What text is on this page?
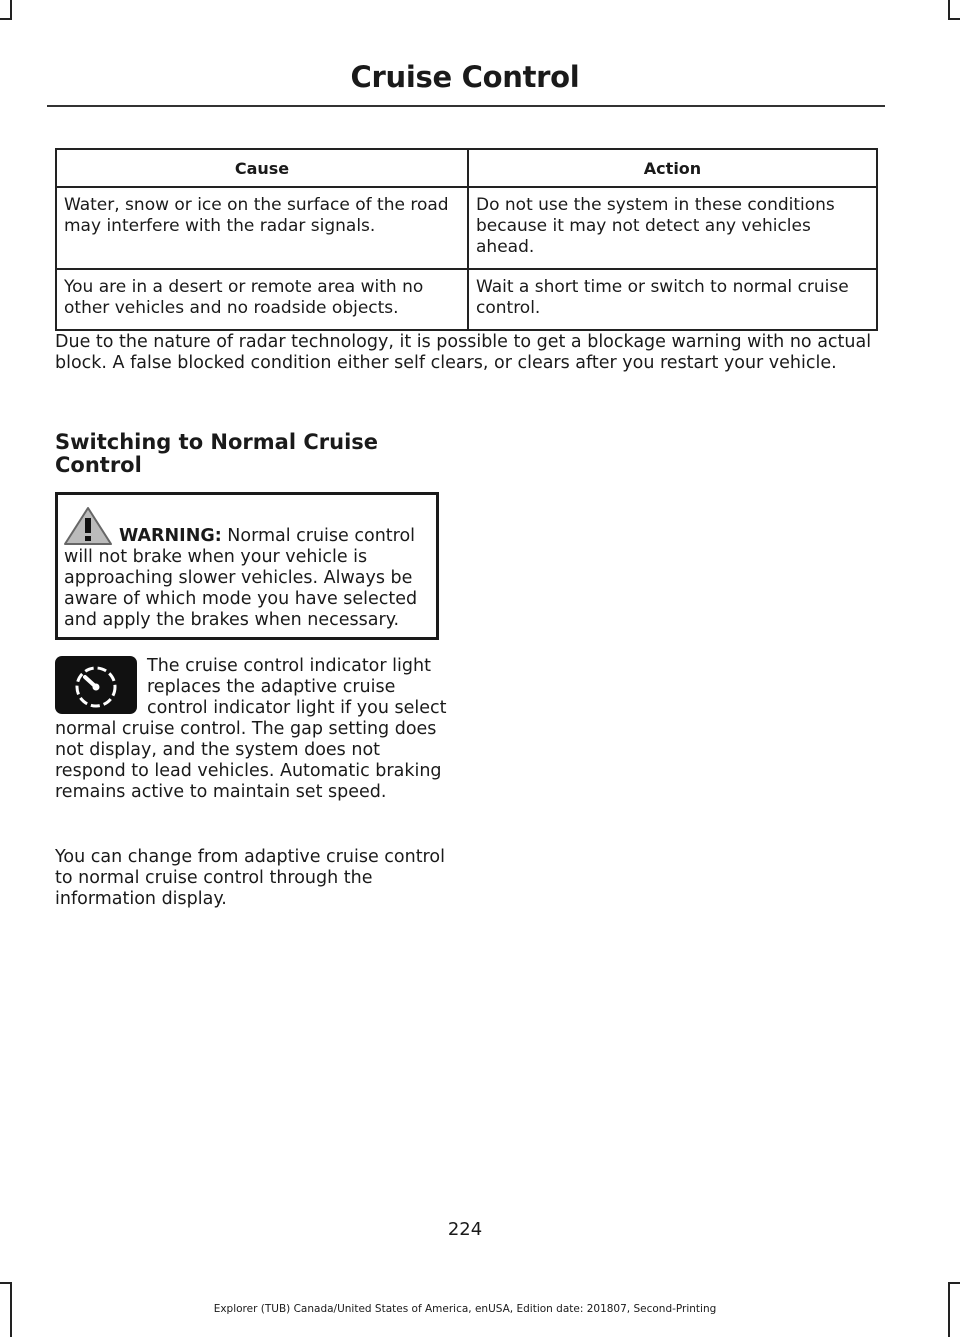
Cruise Control
Cause	Action
Water, snow or ice on the surface of the road may interfere with the radar signals.	Do not use the system in these conditions because it may not detect any vehicles ahead.
You are in a desert or remote area with no other vehicles and no roadside objects.	Wait a short time or switch to normal cruise control.

Due to the nature of radar technology, it is possible to get a blockage warning with no actual block. A false blocked condition either self clears, or clears after you restart your vehicle.

Switching to Normal Cruise Control

WARNING: Normal cruise control will not brake when your vehicle is approaching slower vehicles. Always be aware of which mode you have selected and apply the brakes when necessary.

The cruise control indicator light replaces the adaptive cruise control indicator light if you select normal cruise control. The gap setting does not display, and the system does not respond to lead vehicles. Automatic braking remains active to maintain set speed.

You can change from adaptive cruise control to normal cruise control through the information display.

224
Explorer (TUB) Canada/United States of America, enUSA, Edition date: 201807, Second-Printing
